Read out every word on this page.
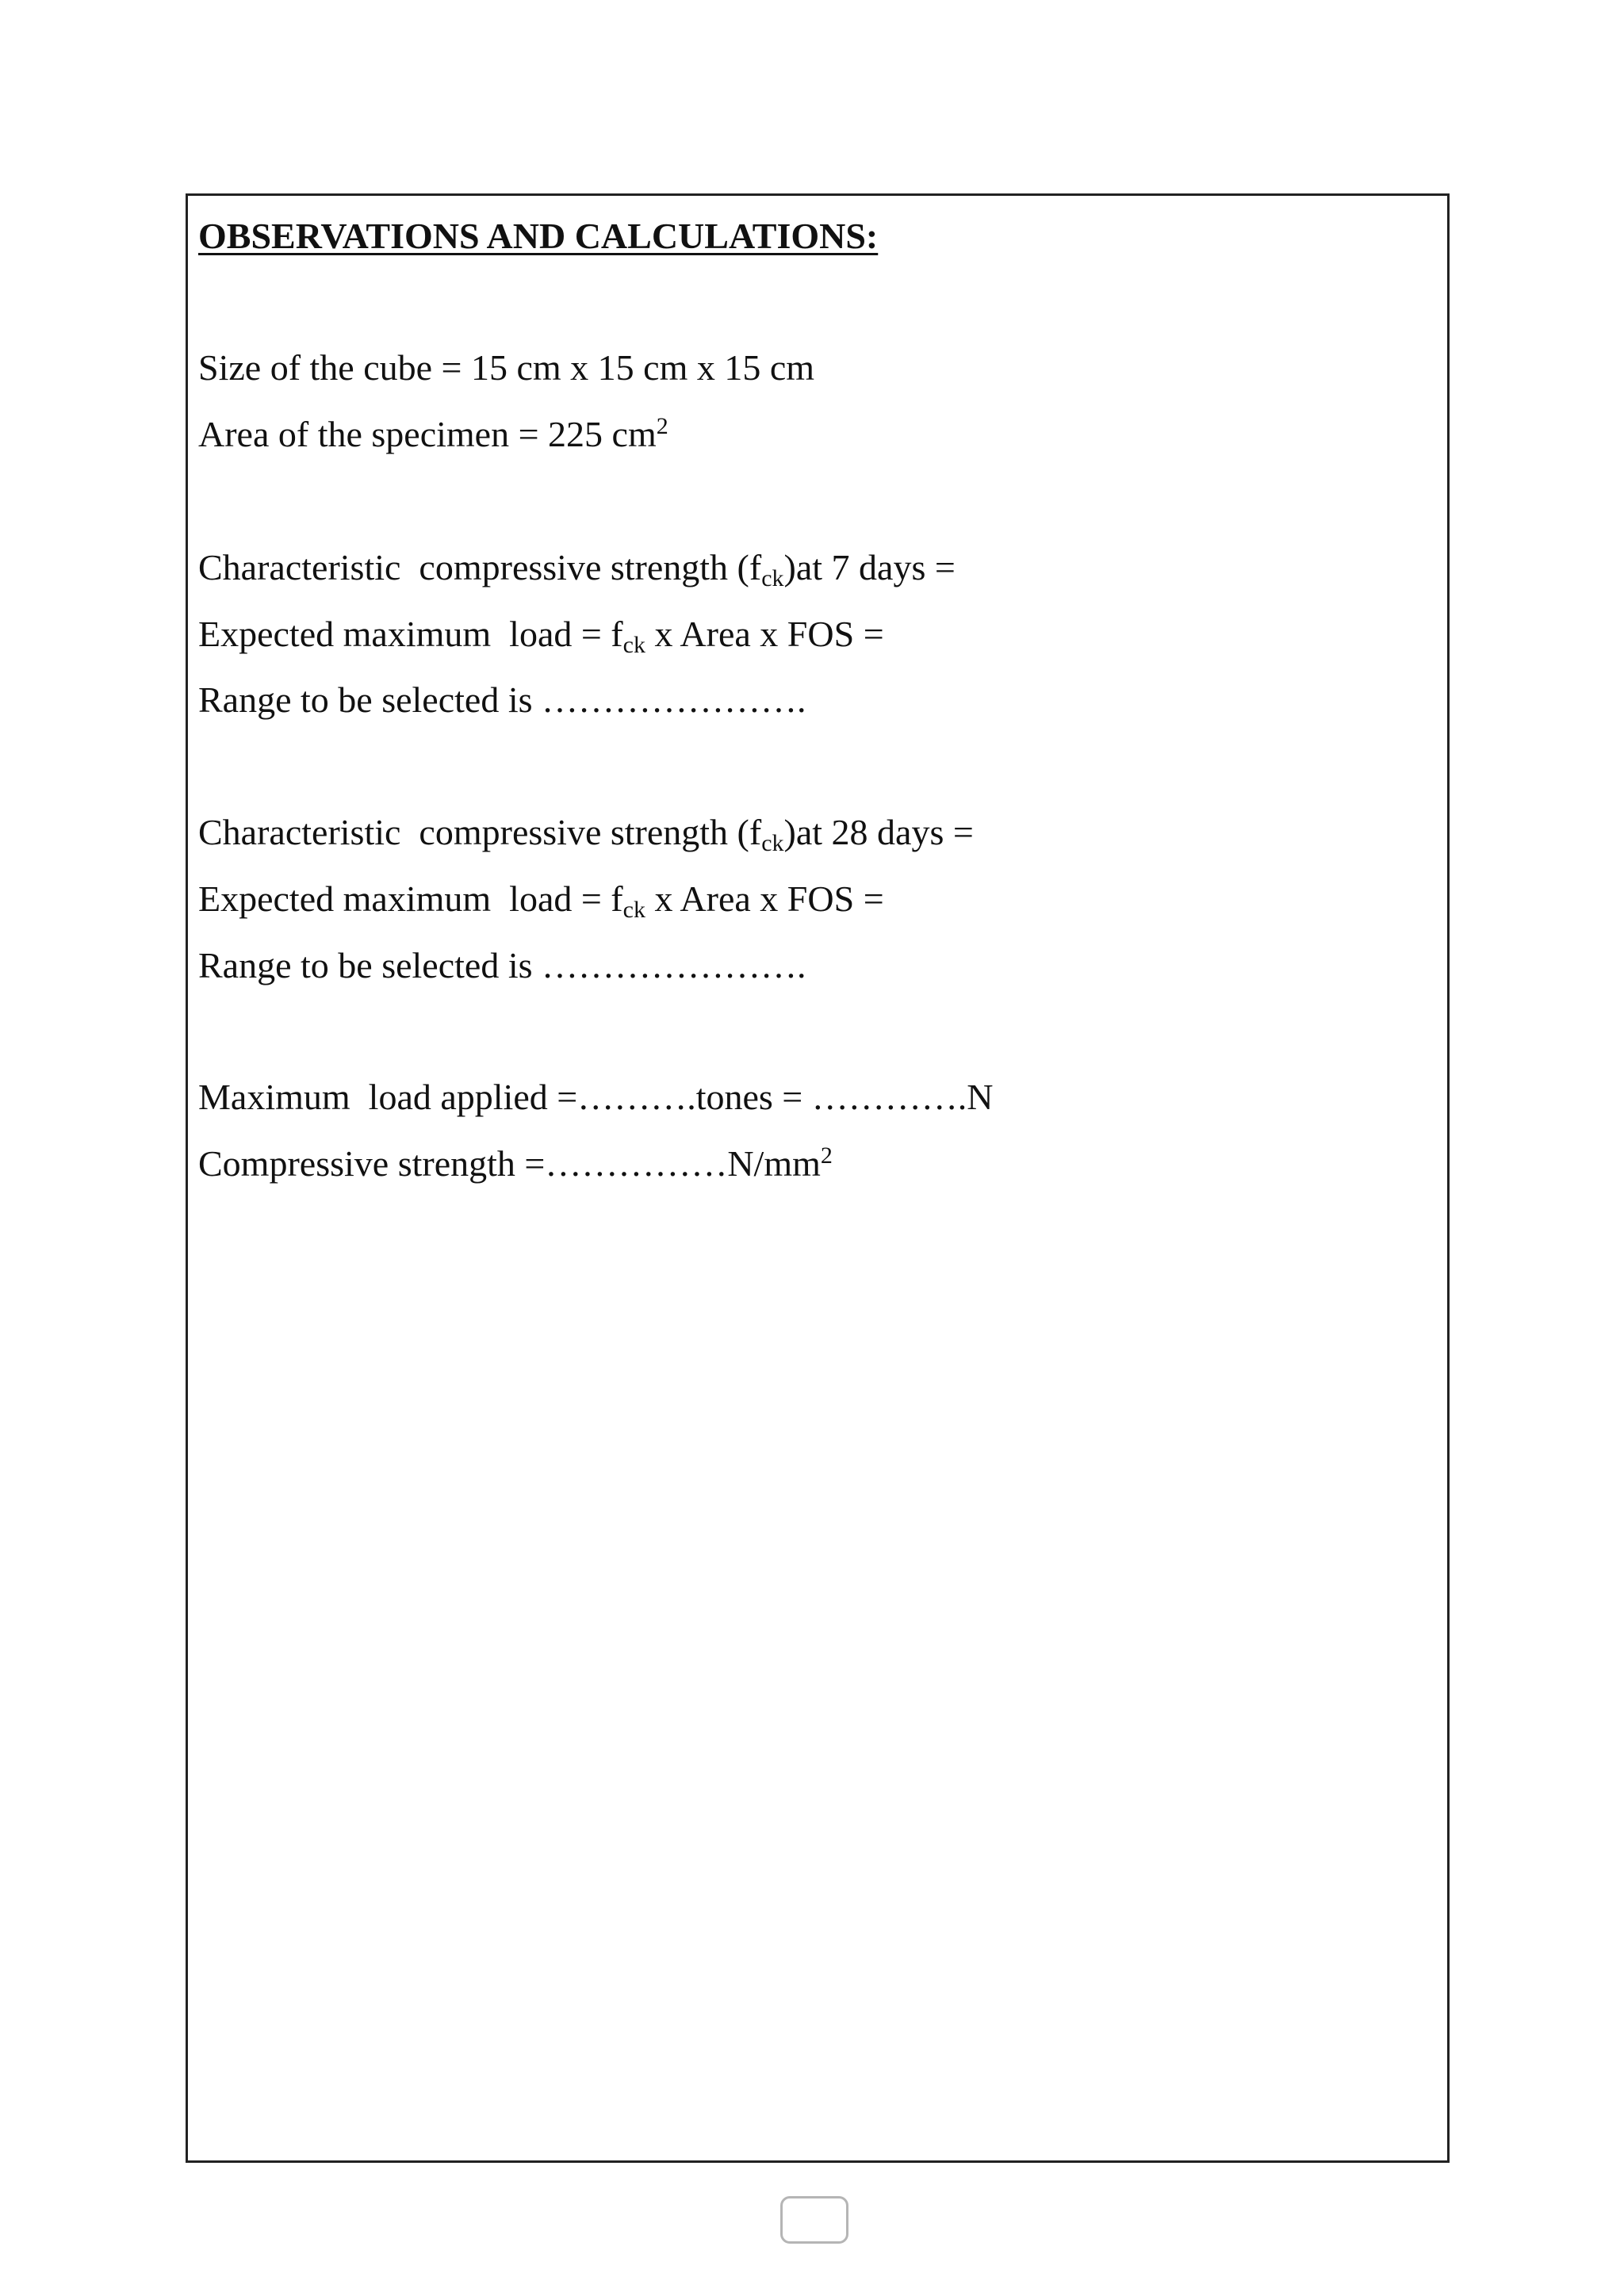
OBSERVATIONS AND CALCULATIONS:
Size of the cube = 15 cm x 15 cm x 15 cm
Area of the specimen = 225 $cm^2$
Characteristic  compressive strength $(f_{ck})at$ 7 days =
Expected maximum  load = $f_{ck}$ x Area x FOS =
Range to be selected is ………………….
Characteristic  compressive strength $(f_{ck})at$ 28 days =
Expected maximum  load = $f_{ck}$ x Area x FOS =
Range to be selected is ………………….
Maximum  load applied =……….tones = ………….N
Compressive strength $=\dots\dots\dots\dots\dots N/mm^2$
